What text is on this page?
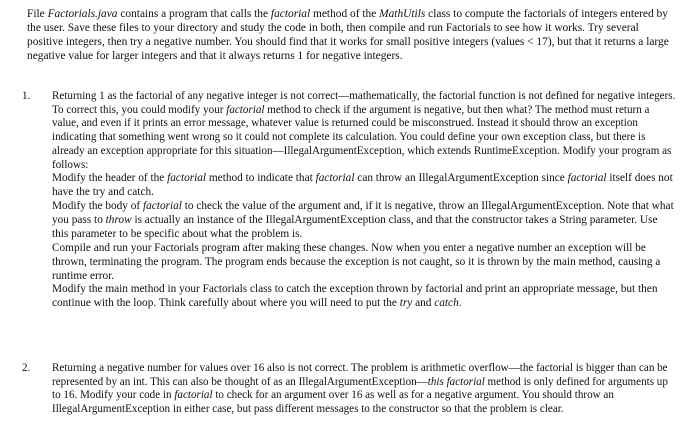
File Factorials.java contains a program that calls the factorial method of the MathUtils class to compute the factorials of integers entered by the user. Save these files to your directory and study the code in both, then compile and run Factorials to see how it works. Try several positive integers, then try a negative number. You should find that it works for small positive integers (values < 17), but that it returns a large negative value for larger integers and that it always returns 1 for negative integers.
1. Returning 1 as the factorial of any negative integer is not correct—mathematically, the factorial function is not defined for negative integers. To correct this, you could modify your factorial method to check if the argument is negative, but then what? The method must return a value, and even if it prints an error message, whatever value is returned could be misconstrued. Instead it should throw an exception indicating that something went wrong so it could not complete its calculation. You could define your own exception class, but there is already an exception appropriate for this situation—IllegalArgumentException, which extends RuntimeException. Modify your program as follows:
Modify the header of the factorial method to indicate that factorial can throw an IllegalArgumentException since factorial itself does not have the try and catch.
Modify the body of factorial to check the value of the argument and, if it is negative, throw an IllegalArgumentException. Note that what you pass to throw is actually an instance of the IllegalArgumentException class, and that the constructor takes a String parameter. Use this parameter to be specific about what the problem is.
Compile and run your Factorials program after making these changes. Now when you enter a negative number an exception will be thrown, terminating the program. The program ends because the exception is not caught, so it is thrown by the main method, causing a runtime error.
Modify the main method in your Factorials class to catch the exception thrown by factorial and print an appropriate message, but then continue with the loop. Think carefully about where you will need to put the try and catch.
2. Returning a negative number for values over 16 also is not correct. The problem is arithmetic overflow—the factorial is bigger than can be represented by an int. This can also be thought of as an IllegalArgumentException—this factorial method is only defined for arguments up to 16. Modify your code in factorial to check for an argument over 16 as well as for a negative argument. You should throw an IllegalArgumentException in either case, but pass different messages to the constructor so that the problem is clear.
